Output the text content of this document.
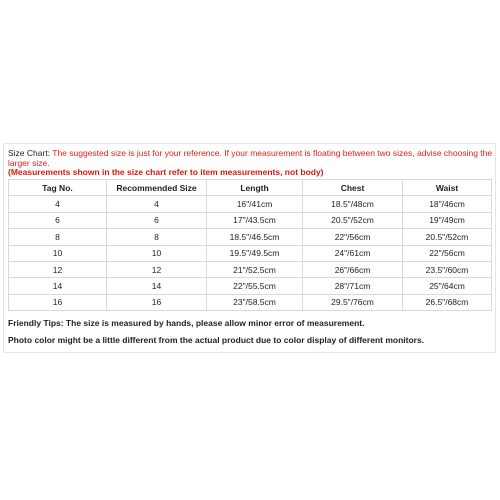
Size Chart: The suggested size is just for your reference. If your measurement is floating between two sizes, advise choosing the larger size.
(Measurements shown in the size chart refer to item measurements, not body)
Tag No.	Recommended Size	Length	Chest	Waist
4	4	16"/41cm	18.5"/48cm	18"/46cm
6	6	17"/43.5cm	20.5"/52cm	19"/49cm
8	8	18.5"/46.5cm	22"/56cm	20.5"/52cm
10	10	19.5"/49.5cm	24"/61cm	22"/56cm
12	12	21"/52.5cm	26"/66cm	23.5"/60cm
14	14	22"/55.5cm	28"/71cm	25"/64cm
16	16	23"/58.5cm	29.5"/76cm	26.5"/68cm
Friendly Tips: The size is measured by hands, please allow minor error of measurement.
Photo color might be a little different from the actual product due to color display of different monitors.
